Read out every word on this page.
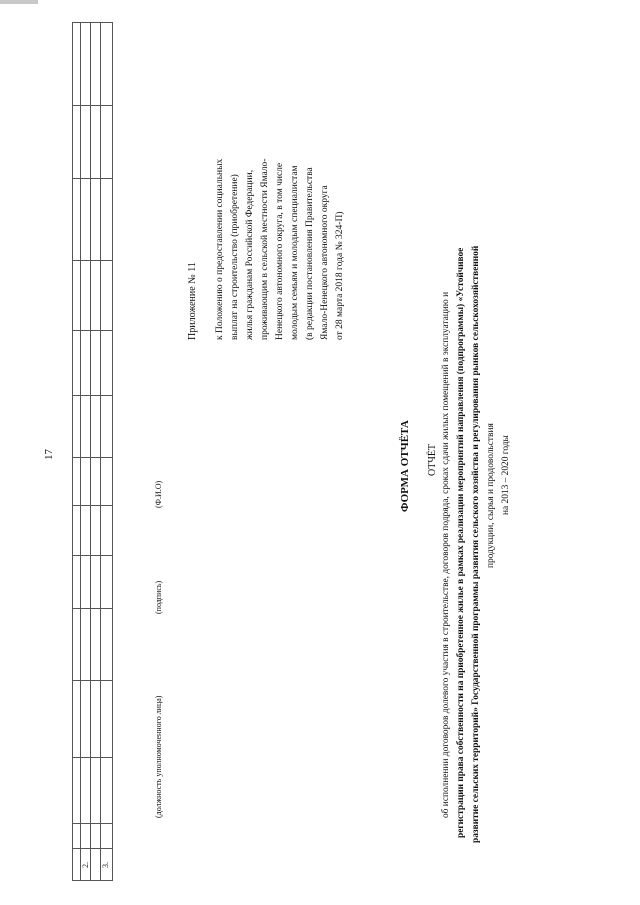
2. 3.
17
(должность уполномоченного лица)
(подпись)
(Ф.И.О)
Приложение № 11 к Положению о предоставлении социальных выплат на строительство (приобретение) жилья гражданам Российской Федерации, проживающим в сельской местности Ямало- Ненецкого автономного округа, в том числе молодым семьям и молодым специалистам (в редакции постановления Правительства Ямало-Ненецкого автономного округа от 28 марта 2018 года № 324-П)
ФОРМА ОТЧЁТА ОТЧЁТ об исполнении договоров долевого участия в строительстве, договоров подряда, сроках сдачи жилых помещений в эксплуатацию и регистрации права собственности на приобретенное жилье в рамках реализации мероприятий направления (подпрограммы) «Устойчивое развитие сельских территорий» Государственной программы развития сельского хозяйства и регулирования рынков сельскохозяйственной продукции, сырья и продовольствия на 2013 – 2020 годы
